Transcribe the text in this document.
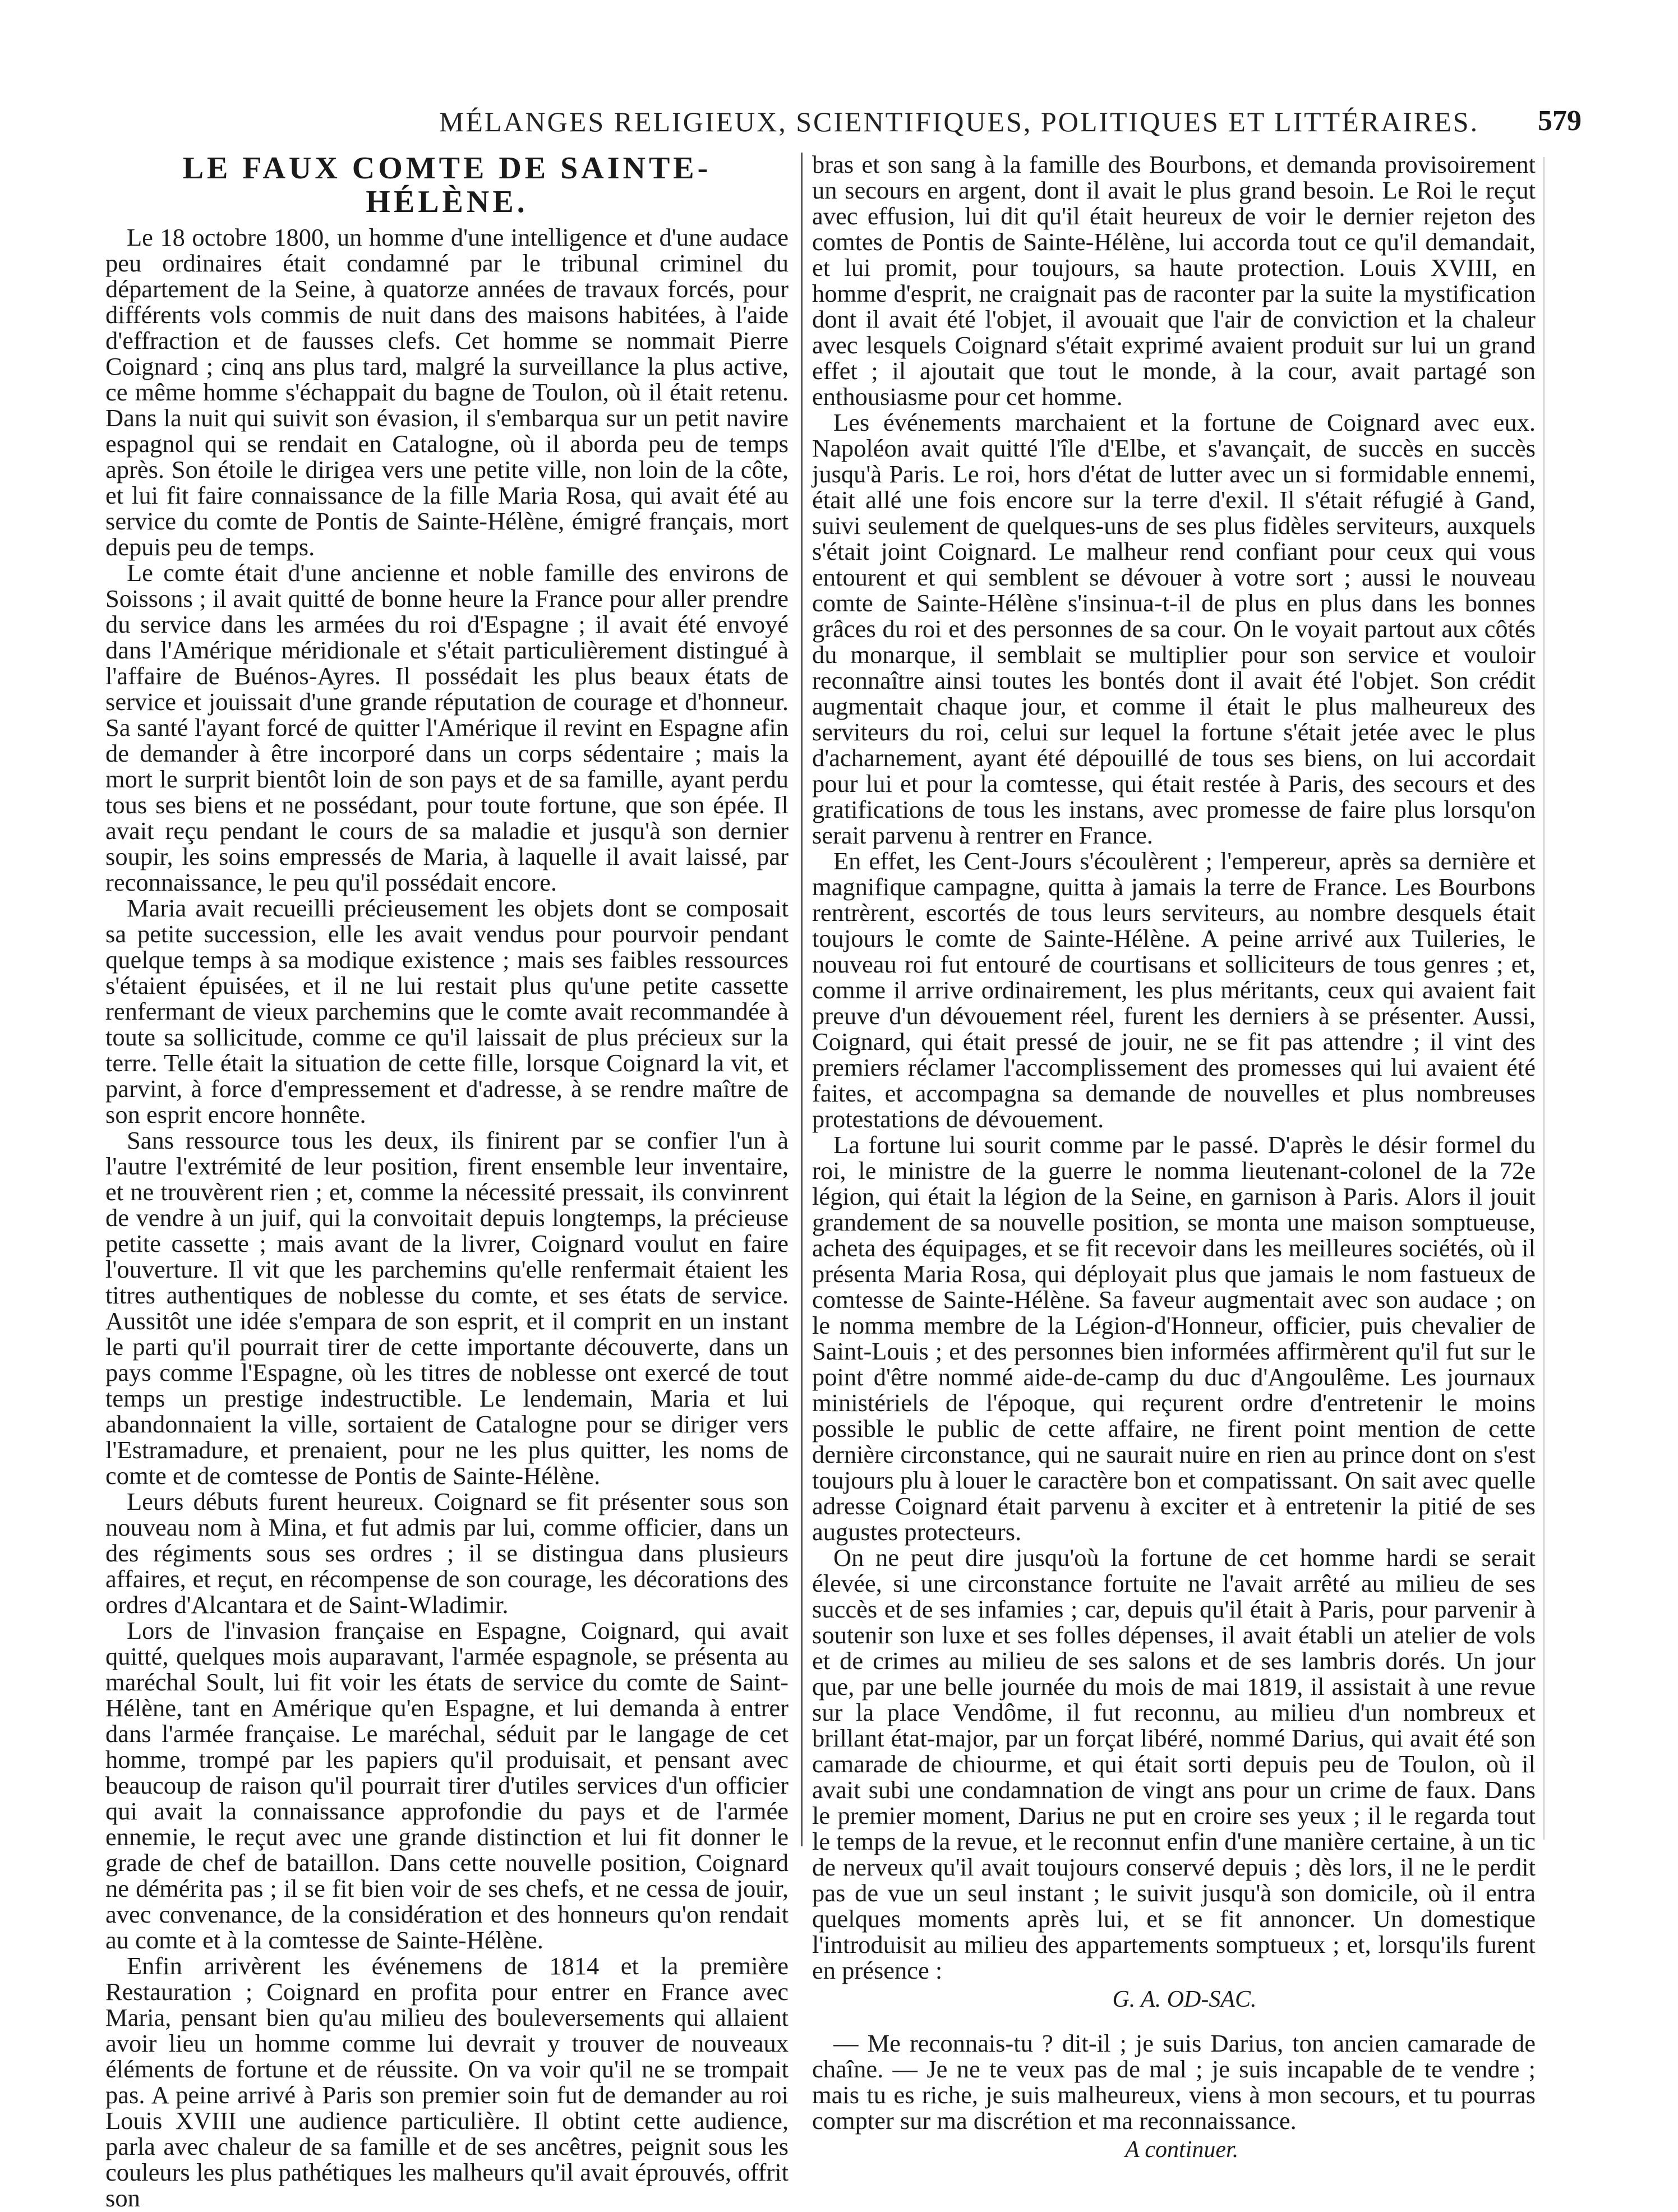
MÉLANGES RELIGIEUX, SCIENTIFIQUES, POLITIQUES ET LITTÉRAIRES.	579
LE FAUX COMTE DE SAINTE-HÉLÈNE.

Le 18 octobre 1800, un homme d'une intelligence et d'une audace peu ordinaires était condamné par le tribunal criminel du département de la Seine, à quatorze années de travaux forcés, pour différents vols commis de nuit dans des maisons habitées, à l'aide d'effraction et de fausses clefs. Cet homme se nommait Pierre Coignard ; cinq ans plus tard, malgré la surveillance la plus active, ce même homme s'échappait du bagne de Toulon, où il était retenu. Dans la nuit qui suivit son évasion, il s'embarqua sur un petit navire espagnol qui se rendait en Catalogne, où il aborda peu de temps après. Son étoile le dirigea vers une petite ville, non loin de la côte, et lui fit faire connaissance de la fille Maria Rosa, qui avait été au service du comte de Pontis de Sainte-Hélène, émigré français, mort depuis peu de temps.

Le comte était d'une ancienne et noble famille des environs de Soissons ; il avait quitté de bonne heure la France pour aller prendre du service dans les armées du roi d'Espagne ; il avait été envoyé dans l'Amérique méridionale et s'était particulièrement distingué à l'affaire de Buénos-Ayres. Il possédait les plus beaux états de service et jouissait d'une grande réputation de courage et d'honneur. Sa santé l'ayant forcé de quitter l'Amérique il revint en Espagne afin de demander à être incorporé dans un corps sédentaire ; mais la mort le surprit bientôt loin de son pays et de sa famille, ayant perdu tous ses biens et ne possédant, pour toute fortune, que son épée. Il avait reçu pendant le cours de sa maladie et jusqu'à son dernier soupir, les soins empressés de Maria, à laquelle il avait laissé, par reconnaissance, le peu qu'il possédait encore.

Maria avait recueilli précieusement les objets dont se composait sa petite succession, elle les avait vendus pour pourvoir pendant quelque temps à sa modique existence ; mais ses faibles ressources s'étaient épuisées, et il ne lui restait plus qu'une petite cassette renfermant de vieux parchemins que le comte avait recommandée à toute sa sollicitude, comme ce qu'il laissait de plus précieux sur la terre. Telle était la situation de cette fille, lorsque Coignard la vit, et parvint, à force d'empressement et d'adresse, à se rendre maître de son esprit encore honnête.

Sans ressource tous les deux, ils finirent par se confier l'un à l'autre l'extrémité de leur position, firent ensemble leur inventaire, et ne trouvèrent rien ; et, comme la nécessité pressait, ils convinrent de vendre à un juif, qui la convoitait depuis longtemps, la précieuse petite cassette ; mais avant de la livrer, Coignard voulut en faire l'ouverture. Il vit que les parchemins qu'elle renfermait étaient les titres authentiques de noblesse du comte, et ses états de service. Aussitôt une idée s'empara de son esprit, et il comprit en un instant le parti qu'il pourrait tirer de cette importante découverte, dans un pays comme l'Espagne, où les titres de noblesse ont exercé de tout temps un prestige indestructible. Le lendemain, Maria et lui abandonnaient la ville, sortaient de Catalogne pour se diriger vers l'Estramadure, et prenaient, pour ne les plus quitter, les noms de comte et de comtesse de Pontis de Sainte-Hélène.

Leurs débuts furent heureux. Coignard se fit présenter sous son nouveau nom à Mina, et fut admis par lui, comme officier, dans un des régiments sous ses ordres ; il se distingua dans plusieurs affaires, et reçut, en récompense de son courage, les décorations des ordres d'Alcantara et de Saint-Wladimir.

Lors de l'invasion française en Espagne, Coignard, qui avait quitté, quelques mois auparavant, l'armée espagnole, se présenta au maréchal Soult, lui fit voir les états de service du comte de Saint-Hélène, tant en Amérique qu'en Espagne, et lui demanda à entrer dans l'armée française. Le maréchal, séduit par le langage de cet homme, trompé par les papiers qu'il produisait, et pensant avec beaucoup de raison qu'il pourrait tirer d'utiles services d'un officier qui avait la connaissance approfondie du pays et de l'armée ennemie, le reçut avec une grande distinction et lui fit donner le grade de chef de bataillon. Dans cette nouvelle position, Coignard ne démérita pas ; il se fit bien voir de ses chefs, et ne cessa de jouir, avec convenance, de la considération et des honneurs qu'on rendait au comte et à la comtesse de Sainte-Hélène.

Enfin arrivèrent les événemens de 1814 et la première Restauration ; Coignard en profita pour entrer en France avec Maria, pensant bien qu'au milieu des bouleversements qui allaient avoir lieu un homme comme lui devrait y trouver de nouveaux éléments de fortune et de réussite. On va voir qu'il ne se trompait pas. A peine arrivé à Paris son premier soin fut de demander au roi Louis XVIII une audience particulière. Il obtint cette audience, parla avec chaleur de sa famille et de ses ancêtres, peignit sous les couleurs les plus pathétiques les malheurs qu'il avait éprouvés, offrit son

bras et son sang à la famille des Bourbons, et demanda provisoirement un secours en argent, dont il avait le plus grand besoin. Le Roi le reçut avec effusion, lui dit qu'il était heureux de voir le dernier rejeton des comtes de Pontis de Sainte-Hélène, lui accorda tout ce qu'il demandait, et lui promit, pour toujours, sa haute protection. Louis XVIII, en homme d'esprit, ne craignait pas de raconter par la suite la mystification dont il avait été l'objet, il avouait que l'air de conviction et la chaleur avec lesquels Coignard s'était exprimé avaient produit sur lui un grand effet ; il ajoutait que tout le monde, à la cour, avait partagé son enthousiasme pour cet homme.

Les événements marchaient et la fortune de Coignard avec eux. Napoléon avait quitté l'île d'Elbe, et s'avançait, de succès en succès jusqu'à Paris. Le roi, hors d'état de lutter avec un si formidable ennemi, était allé une fois encore sur la terre d'exil. Il s'était réfugié à Gand, suivi seulement de quelques-uns de ses plus fidèles serviteurs, auxquels s'était joint Coignard. Le malheur rend confiant pour ceux qui vous entourent et qui semblent se dévouer à votre sort ; aussi le nouveau comte de Sainte-Hélène s'insinua-t-il de plus en plus dans les bonnes grâces du roi et des personnes de sa cour. On le voyait partout aux côtés du monarque, il semblait se multiplier pour son service et vouloir reconnaître ainsi toutes les bontés dont il avait été l'objet. Son crédit augmentait chaque jour, et comme il était le plus malheureux des serviteurs du roi, celui sur lequel la fortune s'était jetée avec le plus d'acharnement, ayant été dépouillé de tous ses biens, on lui accordait pour lui et pour la comtesse, qui était restée à Paris, des secours et des gratifications de tous les instans, avec promesse de faire plus lorsqu'on serait parvenu à rentrer en France.

En effet, les Cent-Jours s'écoulèrent ; l'empereur, après sa dernière et magnifique campagne, quitta à jamais la terre de France. Les Bourbons rentrèrent, escortés de tous leurs serviteurs, au nombre desquels était toujours le comte de Sainte-Hélène. A peine arrivé aux Tuileries, le nouveau roi fut entouré de courtisans et solliciteurs de tous genres ; et, comme il arrive ordinairement, les plus méritants, ceux qui avaient fait preuve d'un dévouement réel, furent les derniers à se présenter. Aussi, Coignard, qui était pressé de jouir, ne se fit pas attendre ; il vint des premiers réclamer l'accomplissement des promesses qui lui avaient été faites, et accompagna sa demande de nouvelles et plus nombreuses protestations de dévouement.

La fortune lui sourit comme par le passé. D'après le désir formel du roi, le ministre de la guerre le nomma lieutenant-colonel de la 72e légion, qui était la légion de la Seine, en garnison à Paris. Alors il jouit grandement de sa nouvelle position, se monta une maison somptueuse, acheta des équipages, et se fit recevoir dans les meilleures sociétés, où il présenta Maria Rosa, qui déployait plus que jamais le nom fastueux de comtesse de Sainte-Hélène. Sa faveur augmentait avec son audace ; on le nomma membre de la Légion-d'Honneur, officier, puis chevalier de Saint-Louis ; et des personnes bien informées affirmèrent qu'il fut sur le point d'être nommé aide-de-camp du duc d'Angoulême. Les journaux ministériels de l'époque, qui reçurent ordre d'entretenir le moins possible le public de cette affaire, ne firent point mention de cette dernière circonstance, qui ne saurait nuire en rien au prince dont on s'est toujours plu à louer le caractère bon et compatissant. On sait avec quelle adresse Coignard était parvenu à exciter et à entretenir la pitié de ses augustes protecteurs.

On ne peut dire jusqu'où la fortune de cet homme hardi se serait élevée, si une circonstance fortuite ne l'avait arrêté au milieu de ses succès et de ses infamies ; car, depuis qu'il était à Paris, pour parvenir à soutenir son luxe et ses folles dépenses, il avait établi un atelier de vols et de crimes au milieu de ses salons et de ses lambris dorés. Un jour que, par une belle journée du mois de mai 1819, il assistait à une revue sur la place Vendôme, il fut reconnu, au milieu d'un nombreux et brillant état-major, par un forçat libéré, nommé Darius, qui avait été son camarade de chiourme, et qui était sorti depuis peu de Toulon, où il avait subi une condamnation de vingt ans pour un crime de faux. Dans le premier moment, Darius ne put en croire ses yeux ; il le regarda tout le temps de la revue, et le reconnut enfin d'une manière certaine, à un tic de nerveux qu'il avait toujours conservé depuis ; dès lors, il ne le perdit pas de vue un seul instant ; le suivit jusqu'à son domicile, où il entra quelques moments après lui, et se fit annoncer. Un domestique l'introduisit au milieu des appartements somptueux ; et, lorsqu'ils furent en présence :

G. A. OD-SAC.

— Me reconnais-tu ? dit-il ; je suis Darius, ton ancien camarade de chaîne. — Je ne te veux pas de mal ; je suis incapable de te vendre ; mais tu es riche, je suis malheureux, viens à mon secours, et tu pourras compter sur ma discrétion et ma reconnaissance.

A continuer.
